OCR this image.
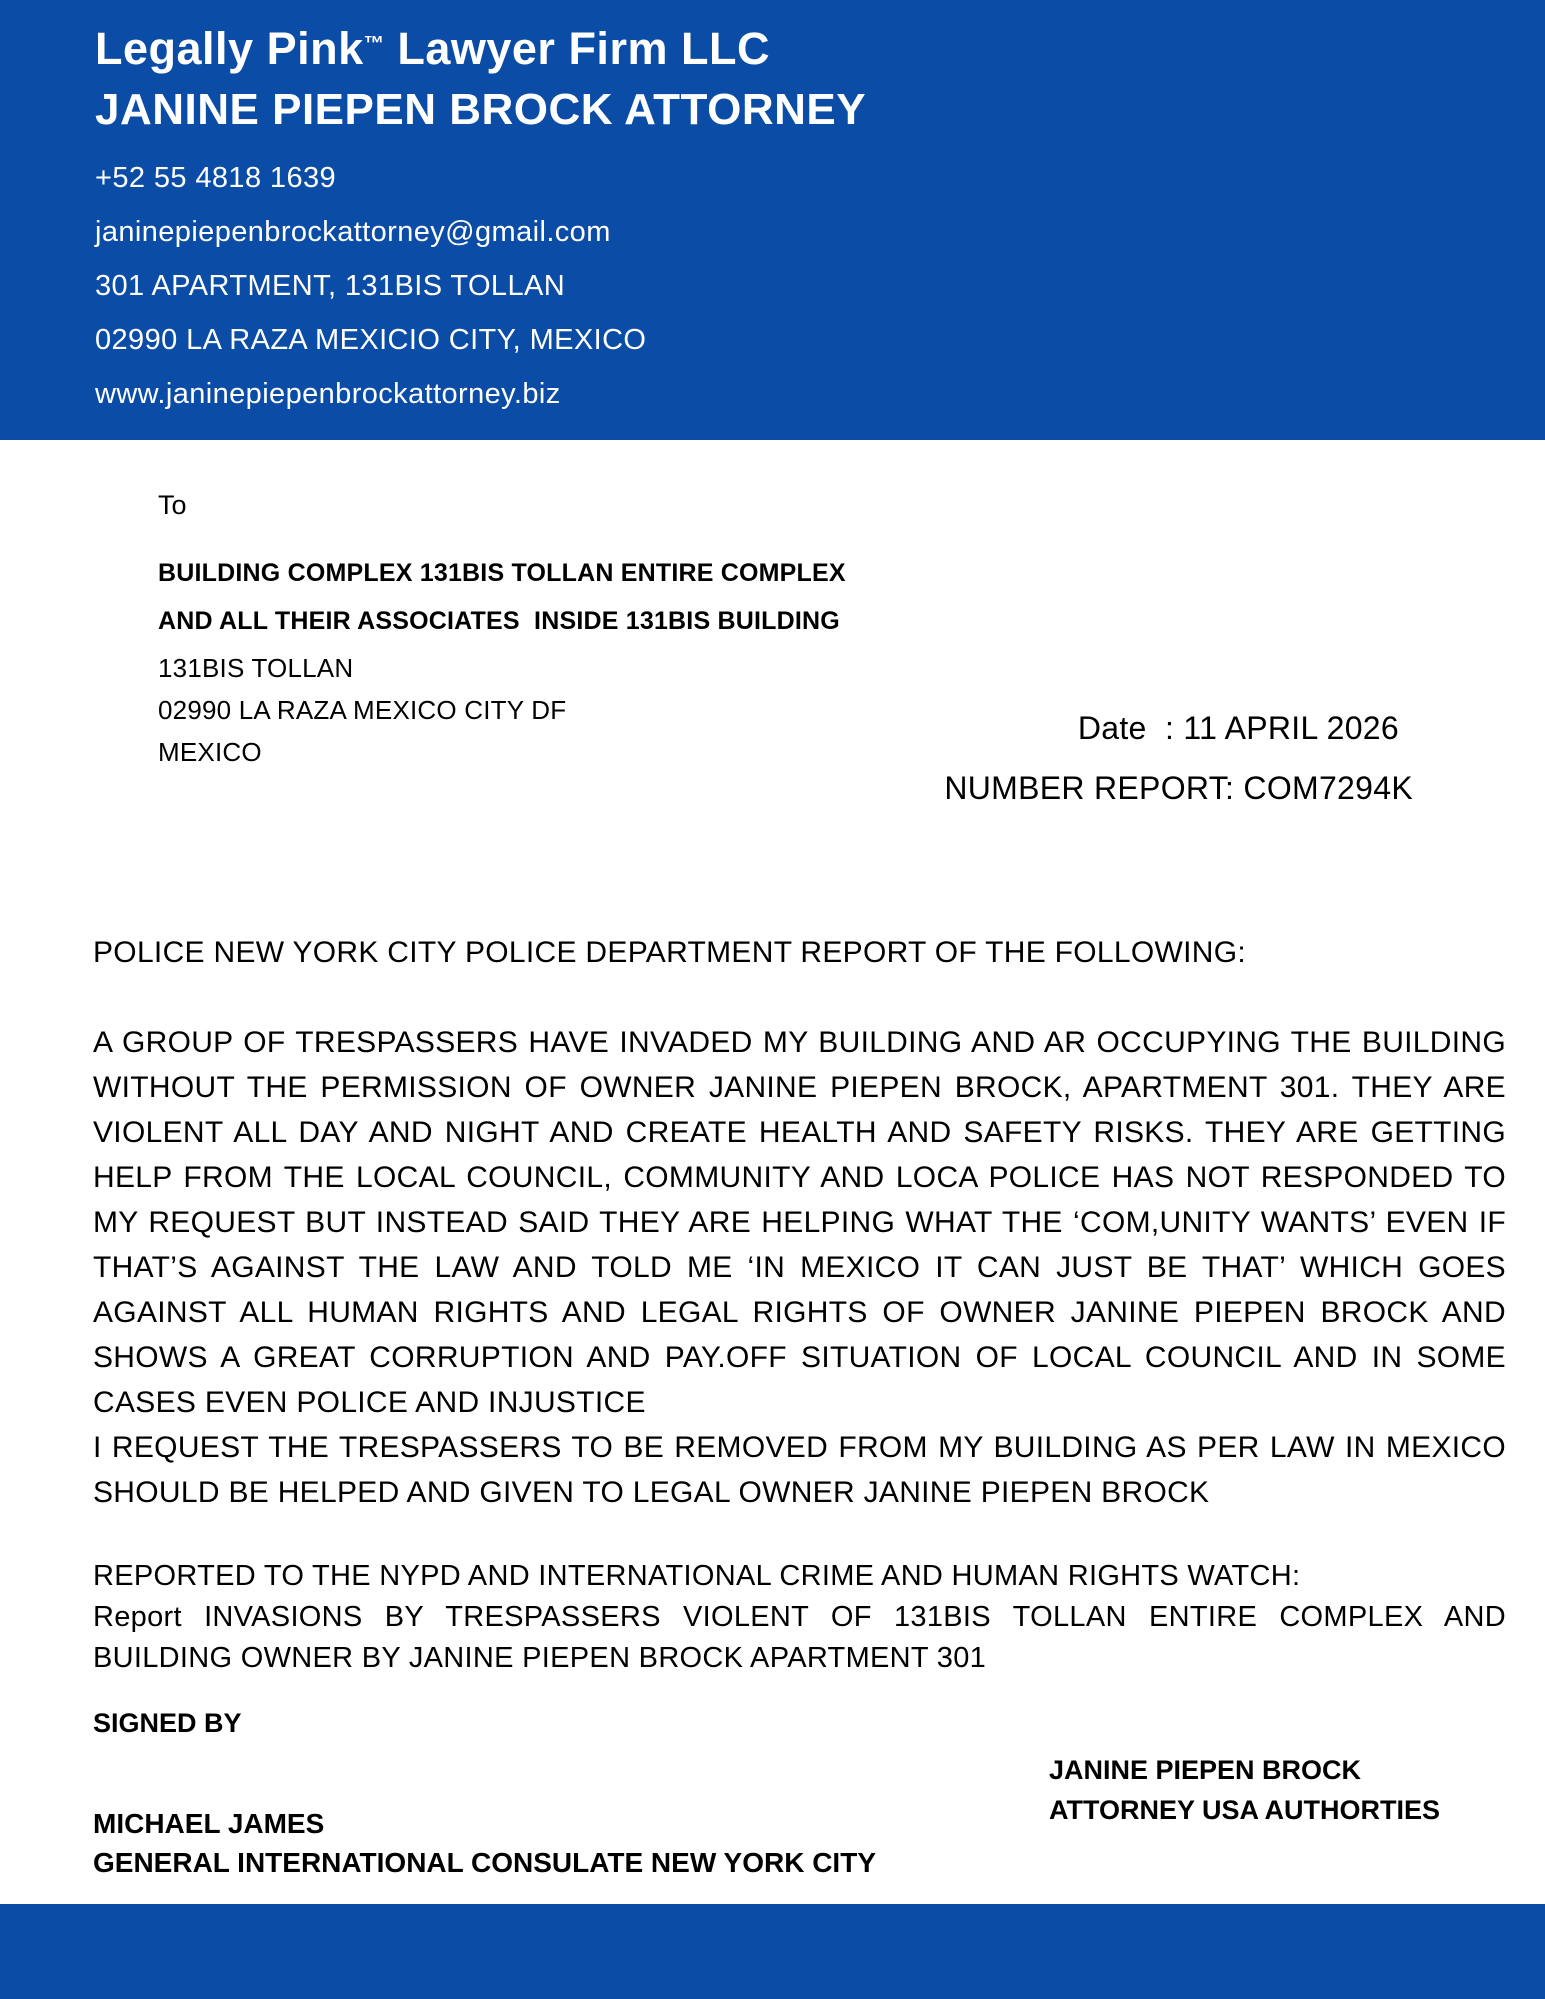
Legally Pink™ Lawyer Firm LLC
JANINE PIEPEN BROCK ATTORNEY
+52 55 4818 1639
janinepiepenbrockattorney@gmail.com
301 APARTMENT, 131BIS TOLLAN
02990 LA RAZA MEXICIO CITY, MEXICO
www.janinepiepenbrockattorney.biz
To
BUILDING COMPLEX 131BIS TOLLAN ENTIRE COMPLEX
AND ALL THEIR ASSOCIATES  INSIDE 131BIS BUILDING
131BIS TOLLAN
02990 LA RAZA MEXICO CITY DF
MEXICO
Date  : 11 APRIL 2026
NUMBER REPORT: COM7294K
POLICE NEW YORK CITY POLICE DEPARTMENT REPORT OF THE FOLLOWING:
A GROUP OF TRESPASSERS HAVE INVADED MY BUILDING AND AR OCCUPYING THE BUILDING WITHOUT THE PERMISSION OF OWNER JANINE PIEPEN BROCK, APARTMENT 301. THEY ARE VIOLENT ALL DAY AND NIGHT AND CREATE HEALTH AND SAFETY RISKS. THEY ARE GETTING HELP FROM THE LOCAL COUNCIL, COMMUNITY AND LOCA POLICE HAS NOT RESPONDED TO MY REQUEST BUT INSTEAD SAID THEY ARE HELPING WHAT THE ‘COM,UNITY WANTS’ EVEN IF THAT’S AGAINST THE LAW AND TOLD ME ‘IN MEXICO IT CAN JUST BE THAT’ WHICH GOES AGAINST ALL HUMAN RIGHTS AND LEGAL RIGHTS OF OWNER JANINE PIEPEN BROCK AND SHOWS A GREAT CORRUPTION AND PAY.OFF SITUATION OF LOCAL COUNCIL AND IN SOME CASES EVEN POLICE AND INJUSTICE
I REQUEST THE TRESPASSERS TO BE REMOVED FROM MY BUILDING AS PER LAW IN MEXICO SHOULD BE HELPED AND GIVEN TO LEGAL OWNER JANINE PIEPEN BROCK
REPORTED TO THE NYPD AND INTERNATIONAL CRIME AND HUMAN RIGHTS WATCH:
Report INVASIONS BY TRESPASSERS VIOLENT OF 131BIS TOLLAN ENTIRE COMPLEX AND BUILDING OWNER BY JANINE PIEPEN BROCK APARTMENT 301
SIGNED BY
JANINE PIEPEN BROCK
ATTORNEY USA AUTHORTIES
MICHAEL JAMES
GENERAL INTERNATIONAL CONSULATE NEW YORK CITY
